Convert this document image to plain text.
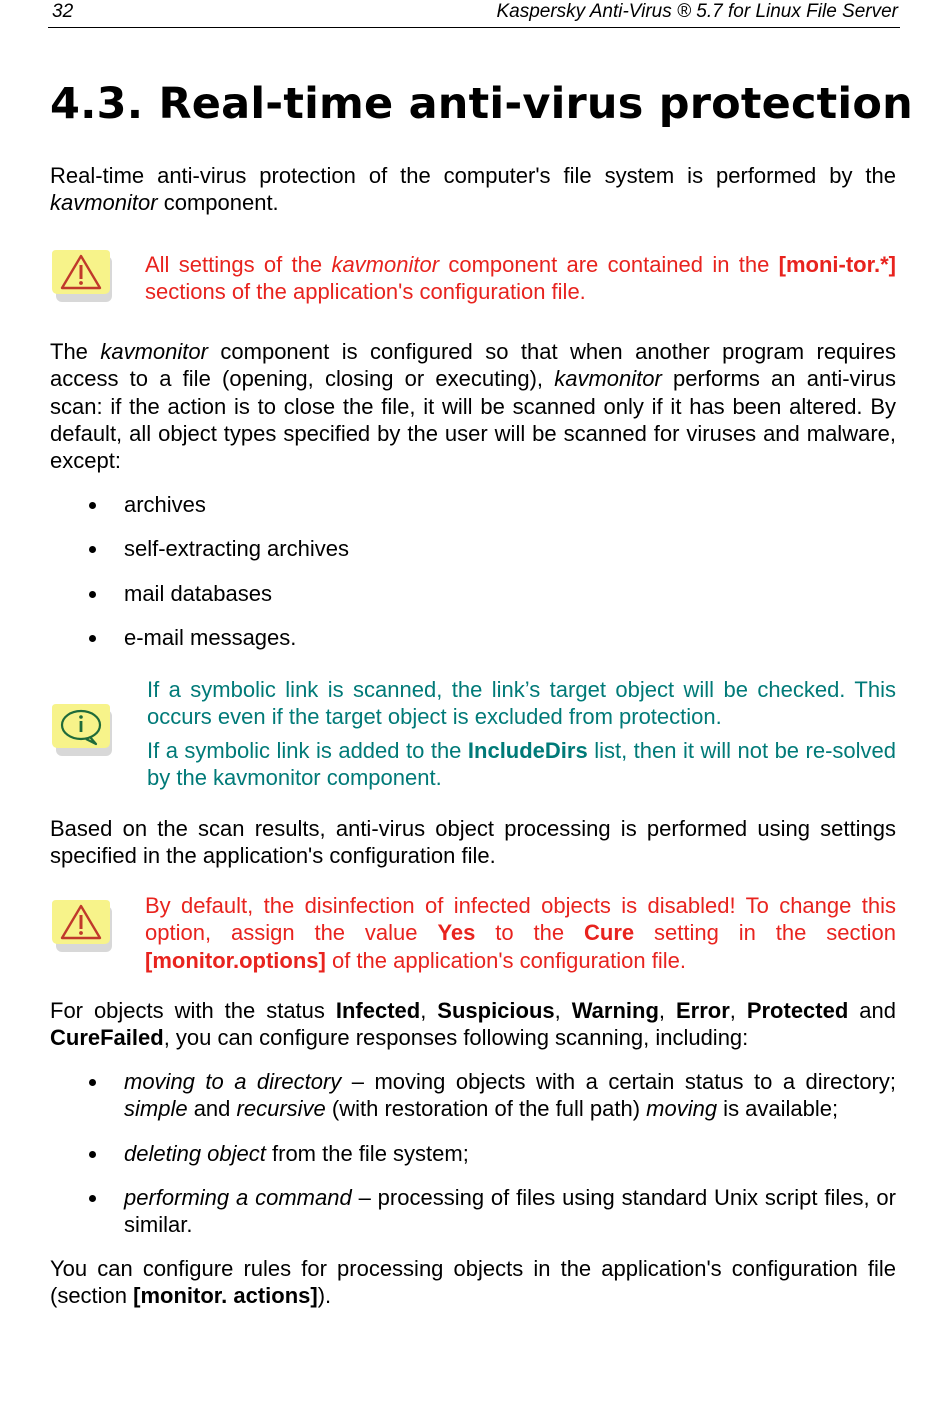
32	Kaspersky Anti-Virus ® 5.7 for Linux File Server
4.3. Real-time anti-virus protection

Real-time anti-virus protection of the computer's file system is performed by the kavmonitor component.

All settings of the kavmonitor component are contained in the [moni-tor.*] sections of the application's configuration file.

The kavmonitor component is configured so that when another program requires access to a file (opening, closing or executing), kavmonitor performs an anti-virus scan: if the action is to close the file, it will be scanned only if it has been altered. By default, all object types specified by the user will be scanned for viruses and malware, except:

archives
self-extracting archives
mail databases
e-mail messages.

If a symbolic link is scanned, the link’s target object will be checked. This occurs even if the target object is excluded from protection.

If a symbolic link is added to the IncludeDirs list, then it will not be re-solved by the kavmonitor component.

Based on the scan results, anti-virus object processing is performed using settings specified in the application's configuration file.

By default, the disinfection of infected objects is disabled! To change this option, assign the value Yes to the Cure setting in the section [monitor.options] of the application's configuration file.

For objects with the status Infected, Suspicious, Warning, Error, Protected and CureFailed, you can configure responses following scanning, including:

moving to a directory – moving objects with a certain status to a directory; simple and recursive (with restoration of the full path) moving is available;
deleting object from the file system;
performing a command – processing of files using standard Unix script files, or similar.

You can configure rules for processing objects in the application's configuration file (section [monitor. actions]).
